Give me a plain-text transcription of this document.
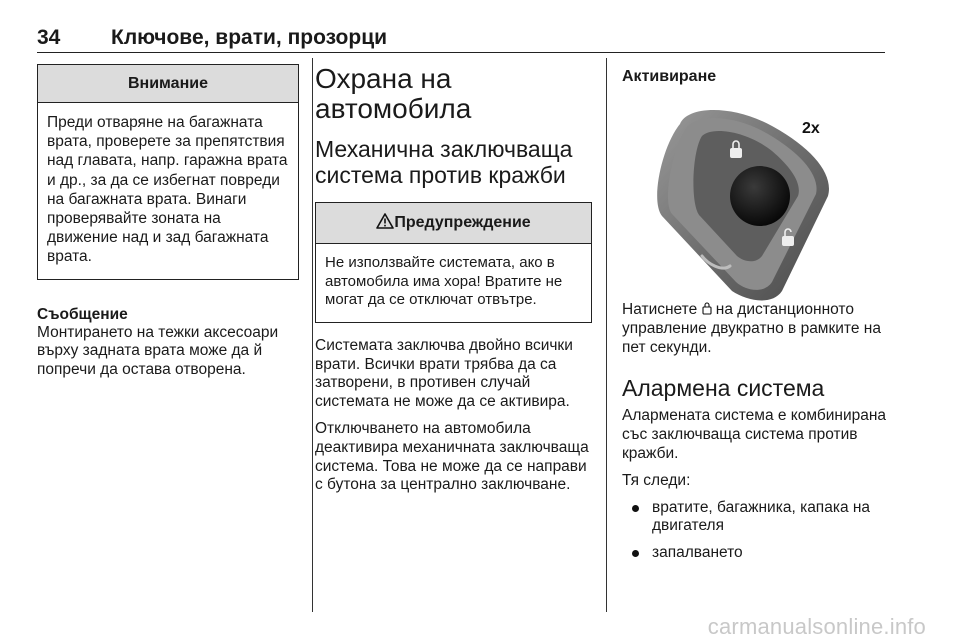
34 Ключове, врати, прозорци
Внимание
Преди отваряне на багажната врата, проверете за препятствия над главата, напр. гаражна врата и др., за да се избегнат повреди на багажната врата. Винаги проверявайте зоната на движение над и зад багажната врата.
Съобщение
Монтирането на тежки аксесоари върху задната врата може да й попречи да остава отворена.
Охрана на автомобила
Механична заключваща система против кражби
Предупреждение
Не използвайте системата, ако в автомобила има хора! Вратите не могат да се отключат отвътре.
Системата заключва двойно всички врати. Всички врати трябва да са затворени, в противен случай системата не може да се активира.
Отключването на автомобила деактивира механичната заключваща система. Това не може да се направи с бутона за централно заключване.
Активиране
2x
Натиснете  на дистанционното управление двукратно в рамките на пет секунди.
Алармена система
Алармената система е комбинирана със заключваща система против кражби.
Тя следи:
вратите, багажника, капака на двигателя
запалването
carmanualsonline.info
